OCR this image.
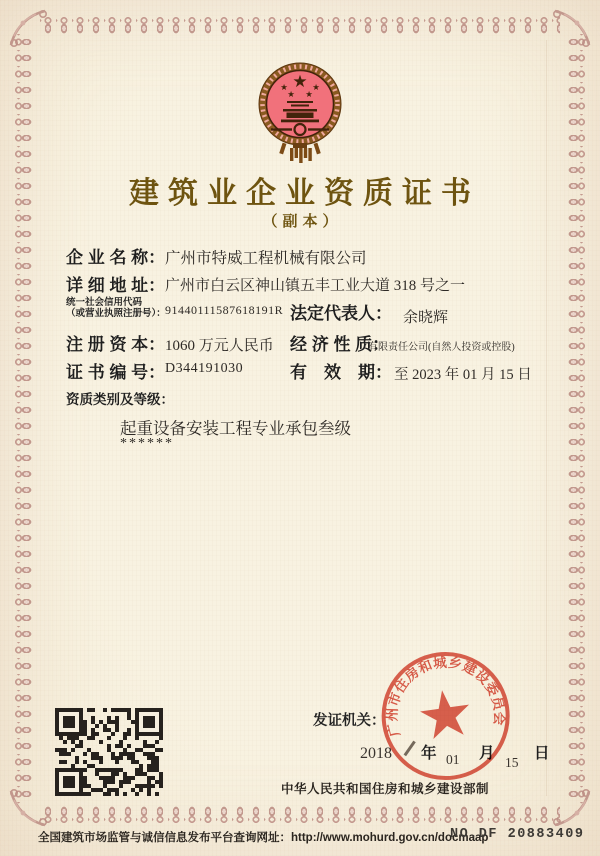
★
★	★
★ ★
建筑业企业资质证书
（副本）
企 业 名 称： 广州市特威工程机械有限公司
详 细 地 址： 广州市白云区神山镇五丰工业大道 318 号之一
统一社会信用代码
（或营业执照注册号）： 91440111587618191R 法定代表人： 余晓辉
注 册 资 本： 1060 万元人民币 经 济 性 质：
有限责任公司(自然人投资或控股)
证 书 编 号： D344191030	有　效　期： 至 2023 年 01 月 15 日
资质类别及等级：
起重设备安装工程专业承包叁级
******
发证机关：
2018 年 01 月
15
日
广州市住房和城乡建设委员会
中华人民共和国住房和城乡建设部制
全国建筑市场监管与诚信信息发布平台查询网址：http://www.mohurd.gov.cn/docmaap
NO.DF 20883409
